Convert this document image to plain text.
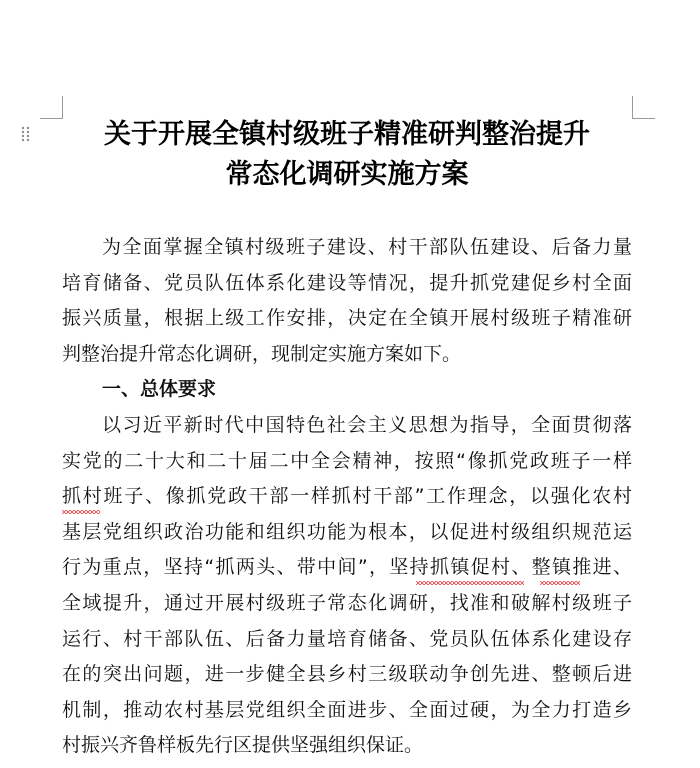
关于开展全镇村级班子精准研判整治提升
常态化调研实施方案
为全面掌握全镇村级班子建设、村干部队伍建设、后备力量
培育储备、党员队伍体系化建设等情况，提升抓党建促乡村全面
振兴质量，根据上级工作安排，决定在全镇开展村级班子精准研
判整治提升常态化调研，现制定实施方案如下。
一、总体要求
以习近平新时代中国特色社会主义思想为指导，全面贯彻落
实党的二十大和二十届二中全会精神，按照“像抓党政班子一样
抓村班子、像抓党政干部一样抓村干部”工作理念，以强化农村
基层党组织政治功能和组织功能为根本，以促进村级组织规范运
行为重点，坚持“抓两头、带中间”，坚持抓镇促村、整镇推进、
全域提升，通过开展村级班子常态化调研，找准和破解村级班子
运行、村干部队伍、后备力量培育储备、党员队伍体系化建设存
在的突出问题，进一步健全县乡村三级联动争创先进、整顿后进
机制，推动农村基层党组织全面进步、全面过硬，为全力打造乡
村振兴齐鲁样板先行区提供坚强组织保证。
